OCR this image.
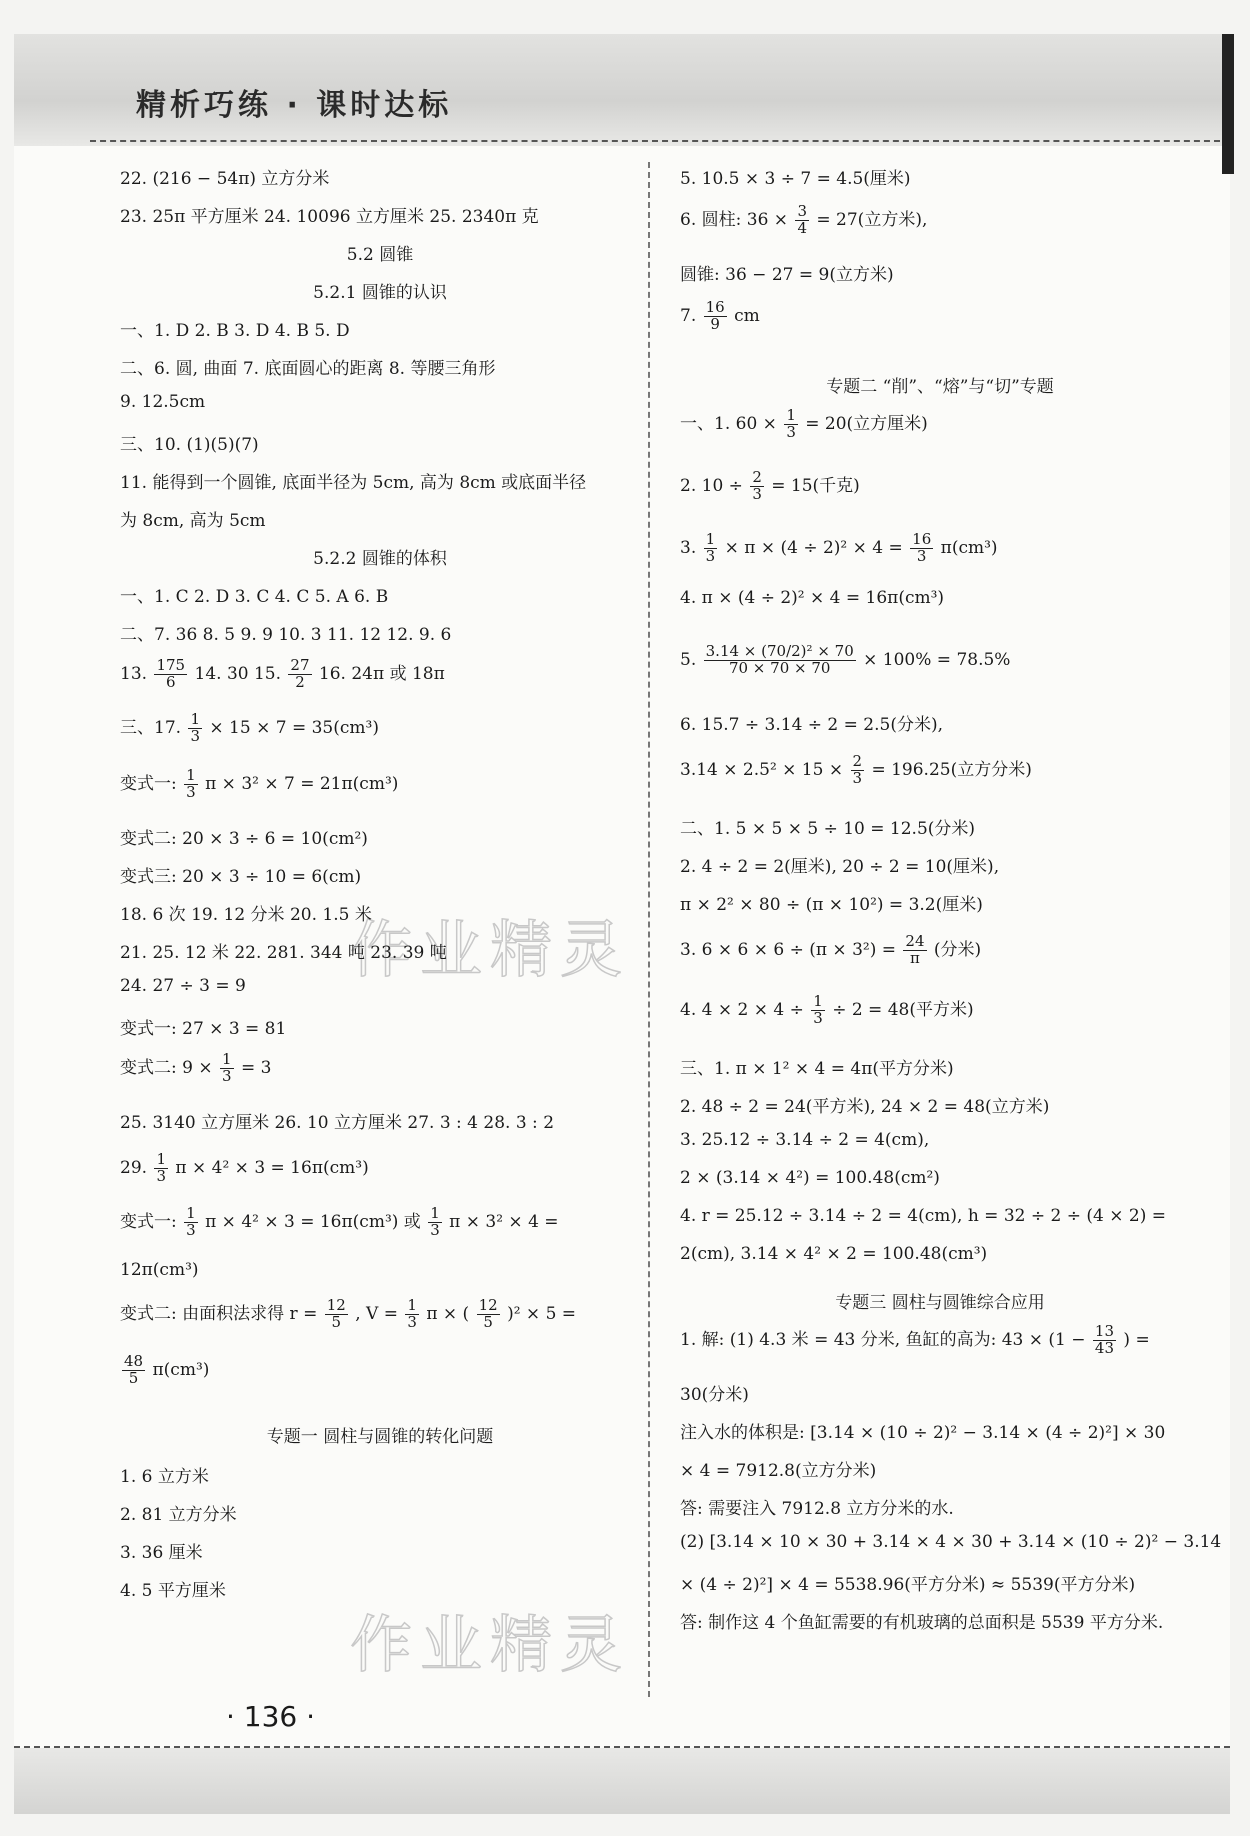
精析巧练 · 课时达标
作业精灵
作业精灵
22. (216 − 54π) 立方分米
23. 25π 平方厘米 24. 10096 立方厘米 25. 2340π 克
5.2 圆锥
5.2.1 圆锥的认识
一、1. D 2. B 3. D 4. B 5. D
二、6. 圆, 曲面 7. 底面圆心的距离 8. 等腰三角形
9. 12.5cm
三、10. (1)(5)(7)
11. 能得到一个圆锥, 底面半径为 5cm, 高为 8cm 或底面半径
为 8cm, 高为 5cm
5.2.2 圆锥的体积
一、1. C 2. D 3. C 4. C 5. A 6. B
二、7. 36 8. 5 9. 9 10. 3 11. 12 12. 9. 6
13. $\frac{175}{6} 14$. 30 15. $\frac{27}{2} 16$. 24π 或 18π
三、17. $\frac{1}{3} \times 15 \times 7 = 35(cm^3)$
变式一: $\frac{1}{3}$ π × 3² × 7 = 21π(cm³)
变式二: 20 × 3 ÷ 6 = 10(cm²)
变式三: 20 × 3 ÷ 10 = 6(cm)
18. 6 次 19. 12 分米 20. 1.5 米
21. 25. 12 米 22. 281. 344 吨 23. 39 吨
24. 27 ÷ 3 = 9
变式一: 27 × 3 = 81
变式二: $9 \times \frac{1}{3} = 3$
25. 3140 立方厘米 26. 10 立方厘米 27. 3 : 4 28. 3 : 2
29. $\frac{1}{3}$ π × 4² × 3 = 16π(cm³)
变式一: $\frac{1}{3}$ π × 4² × 3 = 16π(cm³) 或 $\frac{1}{3}$ π × 3² × 4 =
12π(cm³)
变式二: 由面积法求得 $r = \frac{12}{5}$ , $V = \frac{1}{3}$ π × ( $\frac{12}{5} )^2 \times 5$ =
$\frac{48}{5} \pi(cm^3)$
专题一 圆柱与圆锥的转化问题
1. 6 立方米
2. 81 立方分米
3. 36 厘米
4. 5 平方厘米
5. 10.5 × 3 ÷ 7 = 4.5(厘米)
6. 圆柱: $36 \times \frac{3}{4} = 27$(立方米),
圆锥: 36 − 27 = 9(立方米)
7. $\frac{16}{9}$ cm
专题二 “削”、“熔”与“切”专题
一、1. $60 \times \frac{1}{3} = 20$(立方厘米)
2. $10 \div \frac{2}{3} = 15$(千克)
3. $\frac{1}{3} \times \pi \times (4 \div 2)^2 \times 4 = \frac{16}{3} \pi(cm^3)$
4. π × (4 ÷ 2)² × 4 = 16π(cm³)
5. $\frac{\text{3.14 × (70/2)² × 70}}{70 \times 70 \times 70} \times 100\% = 78.5\%$
6. 15.7 ÷ 3.14 ÷ 2 = 2.5(分米),
$3.14 \times 2.5^2 \times 15 \times \frac{2}{3} = 196.25$(立方分米)
二、1. 5 × 5 × 5 ÷ 10 = 12.5(分米)
2. 4 ÷ 2 = 2(厘米), 20 ÷ 2 = 10(厘米),
π × 2² × 80 ÷ (π × 10²) = 3.2(厘米)
3. $6 \times 6 \times 6 \div (\pi \times 3^2) = \frac{24}{\pi}$ (分米)
4. $4 \times 2 \times 4 \div \frac{1}{3} \div 2 = 48$(平方米)
三、1. π × 1² × 4 = 4π(平方分米)
2. 48 ÷ 2 = 24(平方米), 24 × 2 = 48(立方米)
3. 25.12 ÷ 3.14 ÷ 2 = 4(cm),
2 × (3.14 × 4²) = 100.48(cm²)
4. r = 25.12 ÷ 3.14 ÷ 2 = 4(cm), h = 32 ÷ 2 ÷ (4 × 2) =
2(cm), 3.14 × 4² × 2 = 100.48(cm³)
专题三 圆柱与圆锥综合应用
1. 解: (1) 4.3 米 = 43 分米, 鱼缸的高为: $43 \times (1 - \frac{13}{43}$ ) =
30(分米)
注入水的体积是: [3.14 × (10 ÷ 2)² − 3.14 × (4 ÷ 2)²] × 30
× 4 = 7912.8(立方分米)
答: 需要注入 7912.8 立方分米的水.
(2) [3.14 × 10 × 30 + 3.14 × 4 × 30 + 3.14 × (10 ÷ 2)² − 3.14
× (4 ÷ 2)²] × 4 = 5538.96(平方分米) ≈ 5539(平方分米)
答: 制作这 4 个鱼缸需要的有机玻璃的总面积是 5539 平方分米.
· 136 ·
